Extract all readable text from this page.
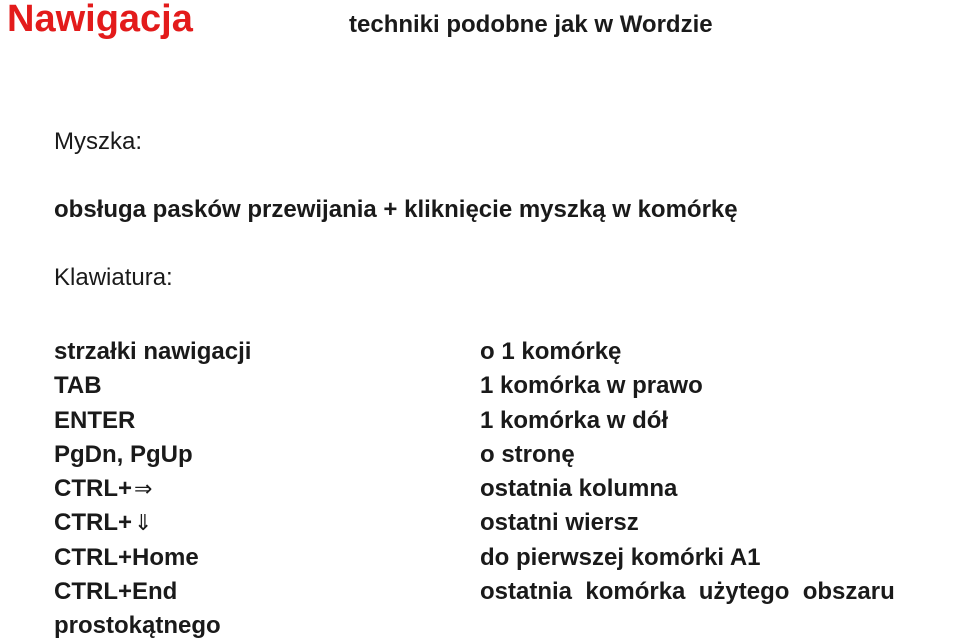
Nawigacja	techniki podobne jak w Wordzie
Myszka:
obsługa pasków przewijania + kliknięcie myszką w komórkę
Klawiatura:
strzałki nawigacji	o 1 komórkę
TAB	1 komórka w prawo
ENTER	1 komórka w dół
PgDn, PgUp	o stronę
CTRL+⇒	ostatnia kolumna
CTRL+⇓	ostatni wiersz
CTRL+Home	do pierwszej komórki A1
CTRL+End	ostatnia  komórka  użytego  obszaru
prostokątnego
